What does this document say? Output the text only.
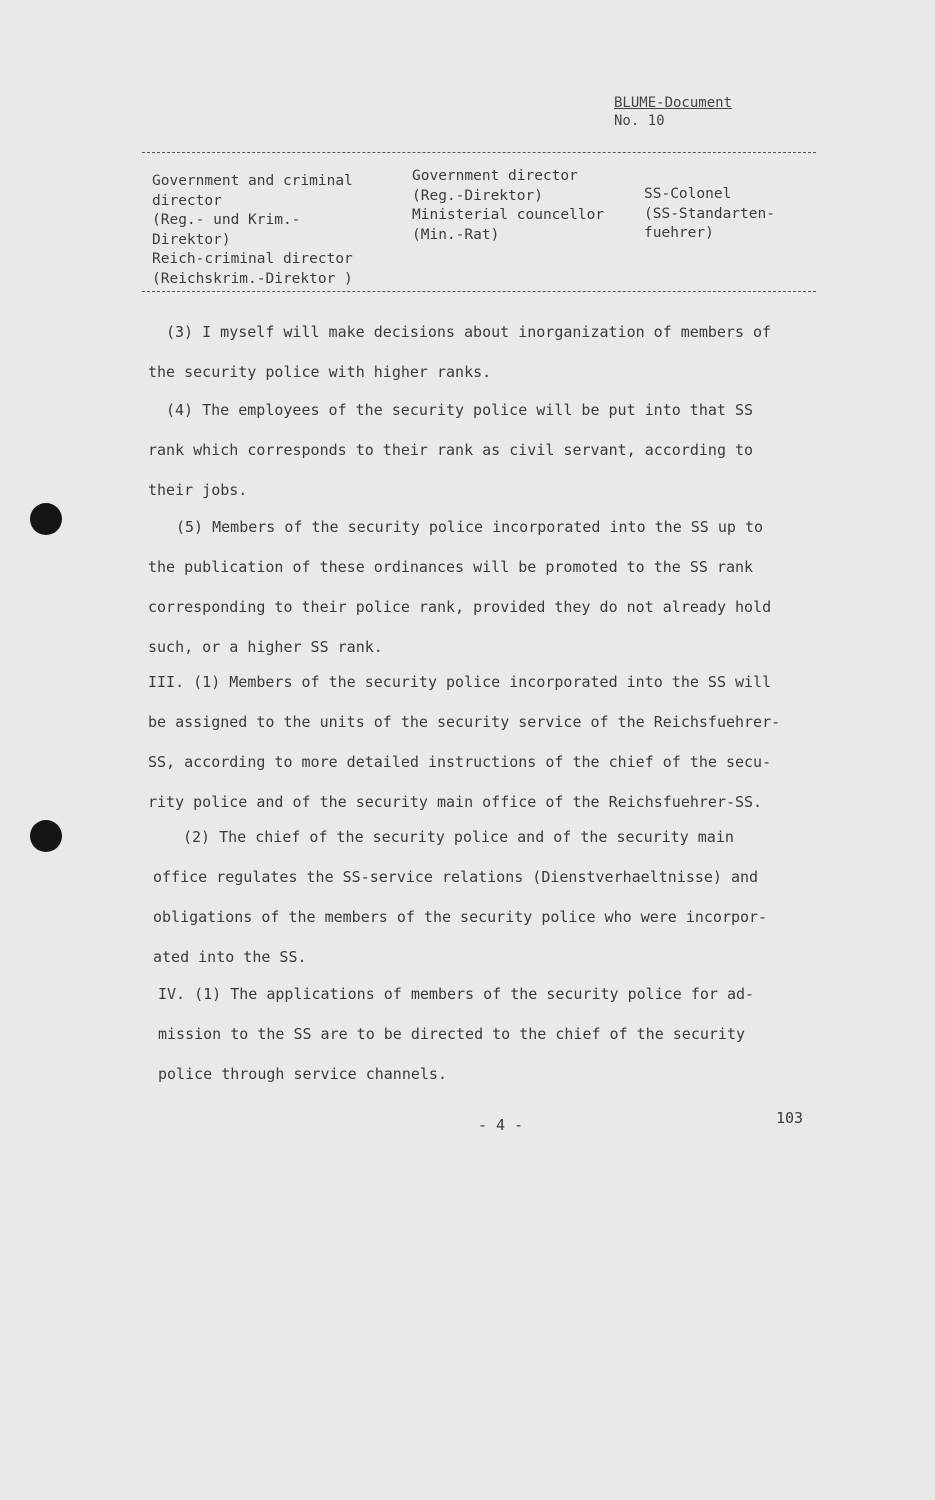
BLUME-Document
No. 10
Government and criminal
director
(Reg.- und Krim.-
Direktor)
Reich-criminal director
(Reichskrim.-Direktor )
Government director
(Reg.-Direktor)
Ministerial councellor
(Min.-Rat)
SS-Colonel
(SS-Standarten-
fuehrer)
(3) I myself will make decisions about inorganization of members of
the security police with higher ranks.
(4) The employees of the security police will be put into that SS
rank which corresponds to their rank as civil servant, according to
their jobs.
(5) Members of the security police incorporated into the SS up to
the publication of these ordinances will be promoted to the SS rank
corresponding to their police rank, provided they do not already hold
such, or a higher SS rank.
III. (1) Members of the security police incorporated into the SS will
be assigned to the units of the security service of the Reichsfuehrer-
SS, according to more detailed instructions of the chief of the secu-
rity police and of the security main office of the Reichsfuehrer-SS.
(2) The chief of the security police and of the security main
office regulates the SS-service relations (Dienstverhaeltnisse) and
obligations of the members of the security police who were incorpor-
ated into the SS.
IV. (1) The applications of members of the security police for ad-
mission to the SS are to be directed to the chief of the security
police through service channels.
- 4 -	103
